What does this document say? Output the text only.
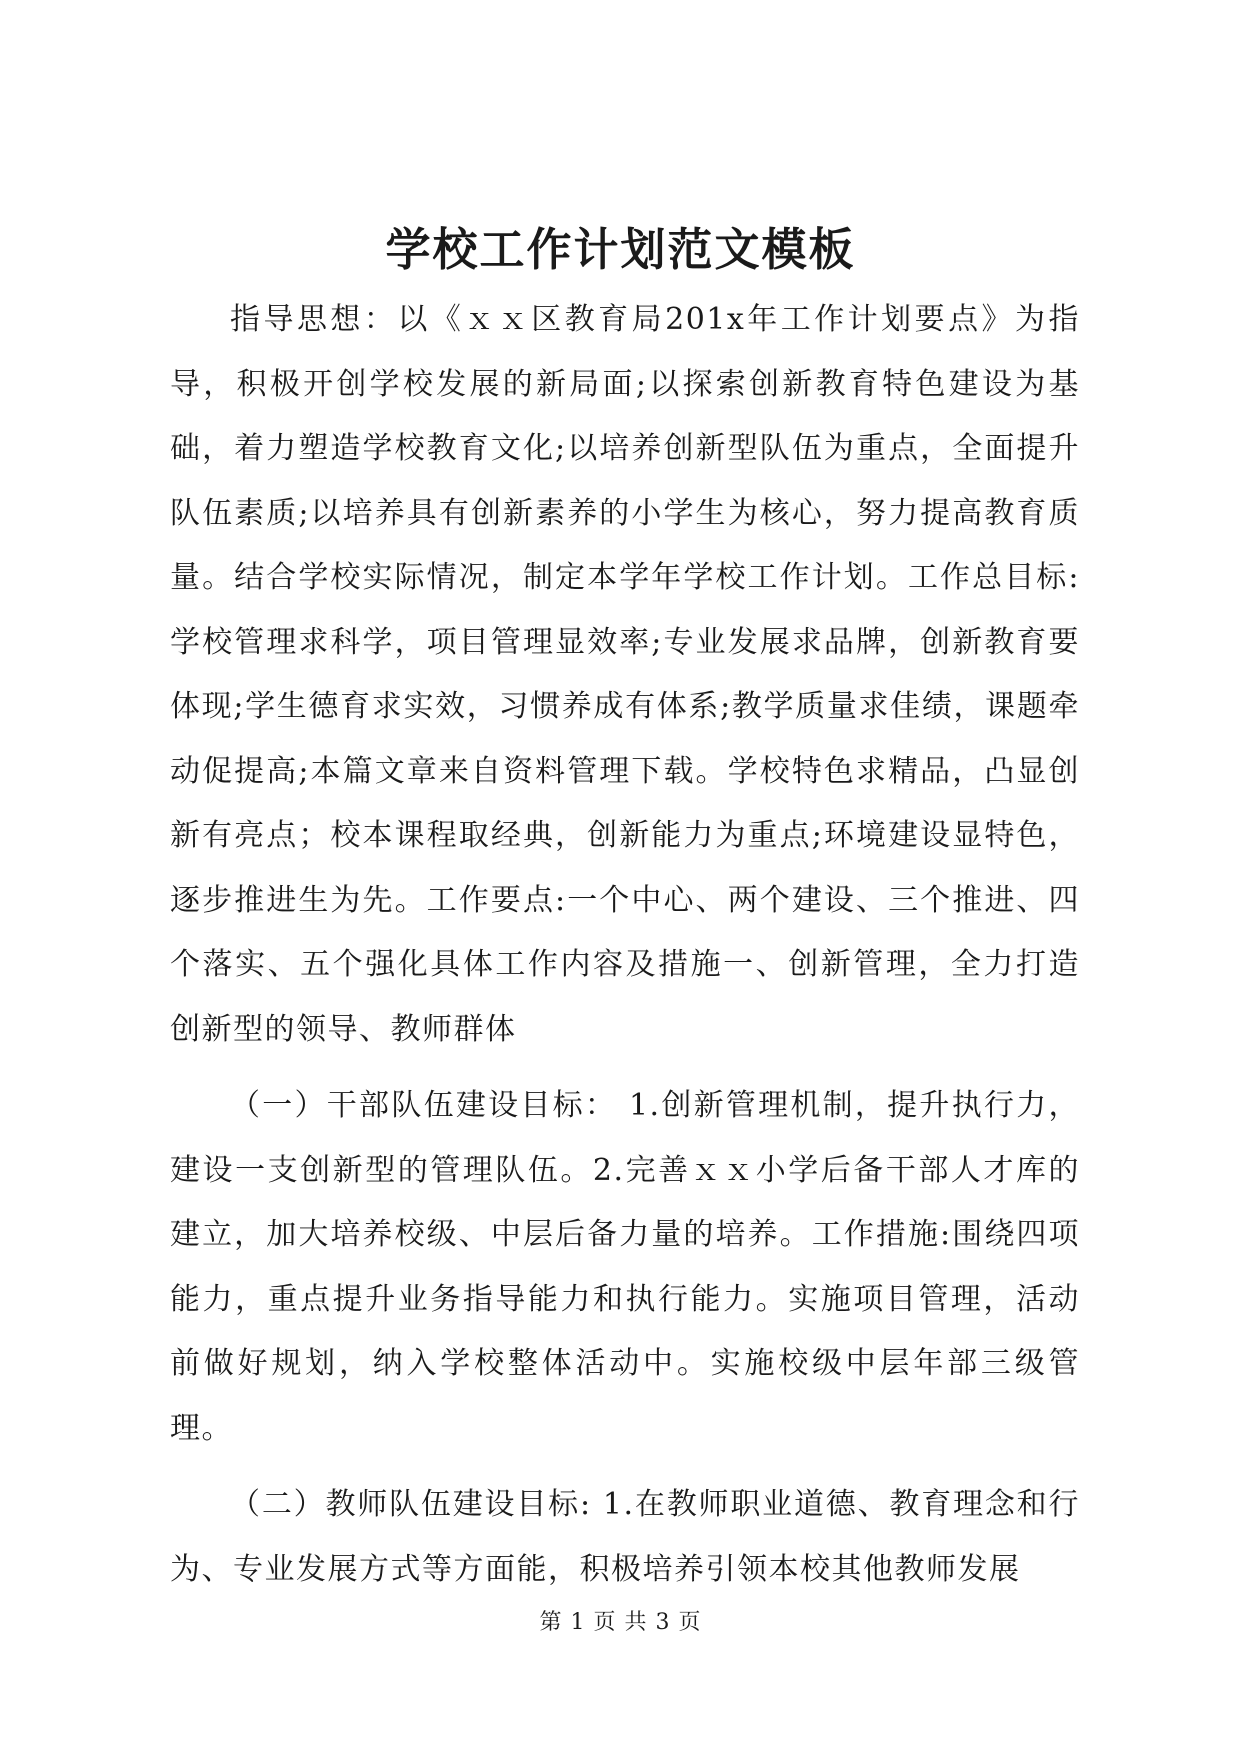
学校工作计划范文模板

指导思想：以《ｘｘ区教育局201x年工作计划要点》为指导，积极开创学校发展的新局面;以探索创新教育特色建设为基础，着力塑造学校教育文化;以培养创新型队伍为重点，全面提升队伍素质;以培养具有创新素养的小学生为核心，努力提高教育质量。结合学校实际情况，制定本学年学校工作计划。工作总目标:学校管理求科学，项目管理显效率;专业发展求品牌，创新教育要体现;学生德育求实效，习惯养成有体系;教学质量求佳绩，课题牵动促提高;本篇文章来自资料管理下载。学校特色求精品，凸显创新有亮点；校本课程取经典，创新能力为重点;环境建设显特色，逐步推进生为先。工作要点:一个中心、两个建设、三个推进、四个落实、五个强化具体工作内容及措施一、创新管理，全力打造创新型的领导、教师群体

（一）干部队伍建设目标： 1.创新管理机制，提升执行力，建设一支创新型的管理队伍。2.完善ｘｘ小学后备干部人才库的建立，加大培养校级、中层后备力量的培养。工作措施:围绕四项能力，重点提升业务指导能力和执行能力。实施项目管理，活动前做好规划，纳入学校整体活动中。实施校级中层年部三级管理。

（二）教师队伍建设目标: 1.在教师职业道德、教育理念和行为、专业发展方式等方面能，积极培养引领本校其他教师发展

第 1 页 共 3 页
